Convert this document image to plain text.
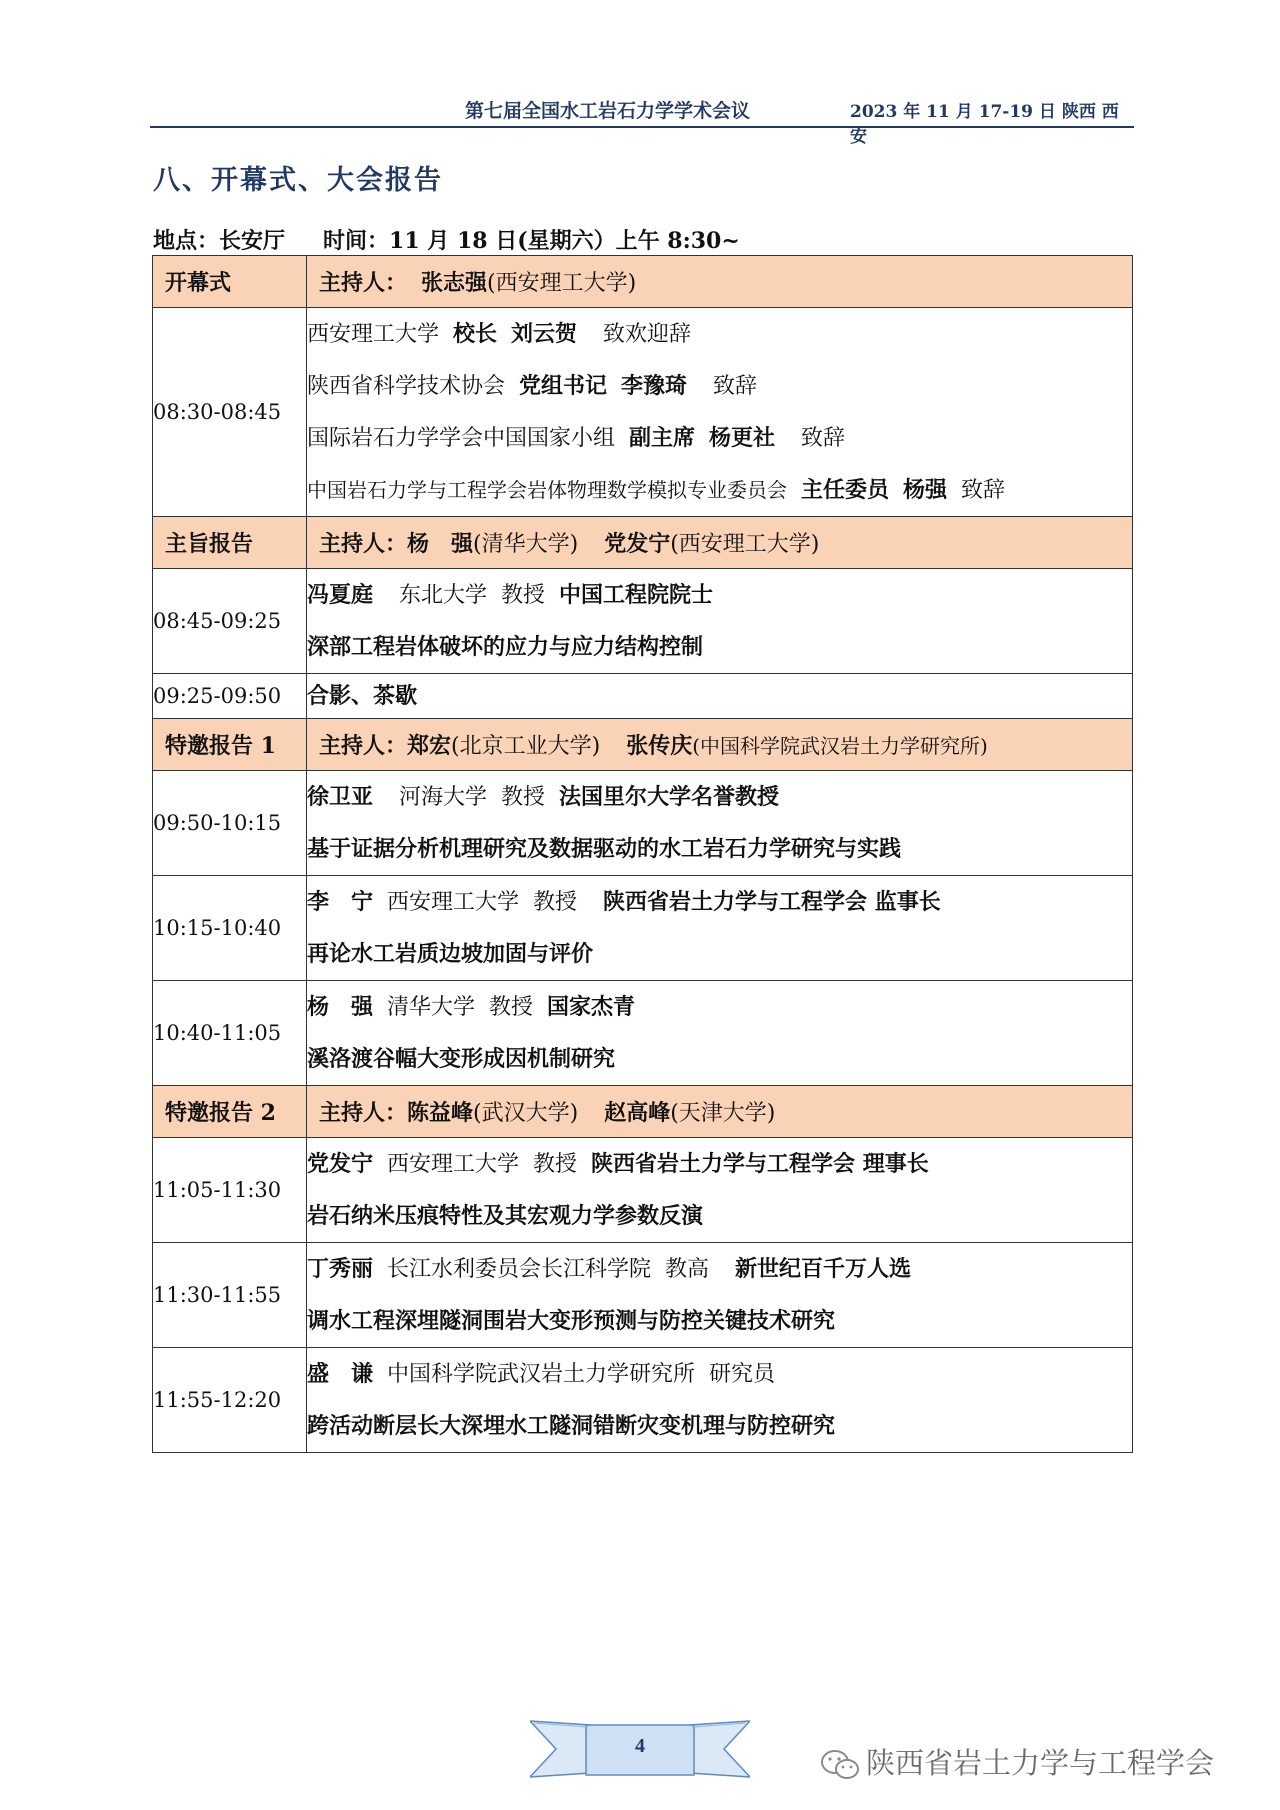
第七届全国水工岩石力学学术会议	2023 年 11 月 17-19 日 陕西 西安
八、开幕式、大会报告
地点：长安厅 时间：11 月 18 日(星期六）上午 8:30~
开幕式	主持人： 张志强(西安理工大学)
08:30-08:45	西安理工大学 校长 刘云贺 致欢迎辞
陕西省科学技术协会 党组书记 李豫琦 致辞
国际岩石力学学会中国国家小组 副主席 杨更社 致辞
中国岩石力学与工程学会岩体物理数学模拟专业委员会 主任委员 杨强 致辞

主旨报告	主持人：杨　强(清华大学) 党发宁(西安理工大学)
08:45-09:25	冯夏庭 东北大学 教授 中国工程院院士
深部工程岩体破坏的应力与应力结构控制

09:25-09:50	合影、茶歇

特邀报告 1	主持人：郑宏(北京工业大学) 张传庆(中国科学院武汉岩土力学研究所)
09:50-10:15	徐卫亚 河海大学 教授 法国里尔大学名誉教授
基于证据分析机理研究及数据驱动的水工岩石力学研究与实践

10:15-10:40	李　宁 西安理工大学 教授 陕西省岩土力学与工程学会 监事长
再论水工岩质边坡加固与评价

10:40-11:05	杨　强 清华大学 教授 国家杰青
溪洛渡谷幅大变形成因机制研究

特邀报告 2	主持人：陈益峰(武汉大学) 赵高峰(天津大学)
11:05-11:30	党发宁 西安理工大学 教授 陕西省岩土力学与工程学会 理事长
岩石纳米压痕特性及其宏观力学参数反演

11:30-11:55	丁秀丽 长江水利委员会长江科学院 教高 新世纪百千万人选
调水工程深埋隧洞围岩大变形预测与防控关键技术研究

11:55-12:20	盛　谦 中国科学院武汉岩土力学研究所 研究员
跨活动断层长大深埋水工隧洞错断灾变机理与防控研究
4	陕西省岩土力学与工程学会
